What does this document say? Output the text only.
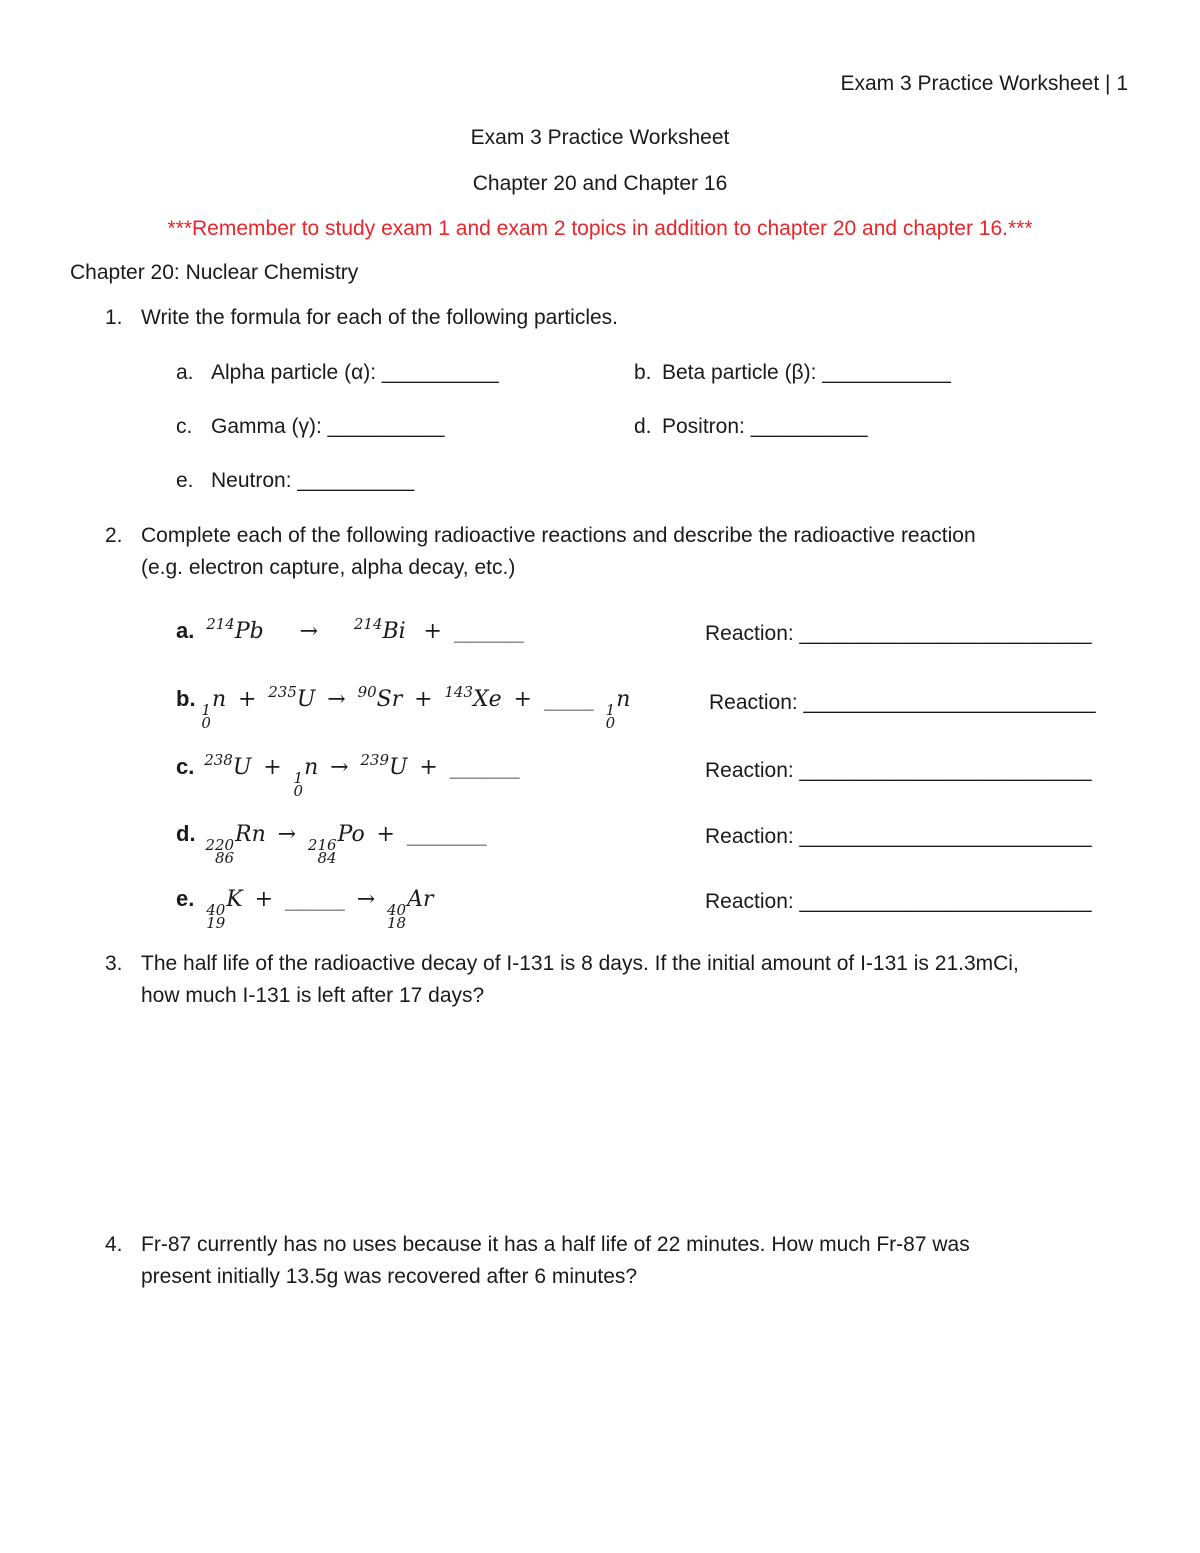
Exam 3 Practice Worksheet | 1
Exam 3 Practice Worksheet
Chapter 20 and Chapter 16
***Remember to study exam 1 and exam 2 topics in addition to chapter 20 and chapter 16.***
Chapter 20: Nuclear Chemistry
1. Write the formula for each of the following particles.
a. Alpha particle (α): __________	b. Beta particle (β): ___________
c. Gamma (γ): __________	d. Positron: __________
e. Neutron: __________
2. Complete each of the following radioactive reactions and describe the radioactive reaction
(e.g. electron capture, alpha decay, etc.)
a. $^{214}$Pb → $^{214}$Bi + _______	Reaction: _________________________
b. 1
0
n + $^{235}$U → $^{90}$Sr + $^{143}$Xe + _____ 1
0
n	Reaction: _________________________
c. $^{238}$U + 1
0
n → $^{239}$U + _______	Reaction: _________________________
d. 220
86
Rn → 216
84
Po + ________	Reaction: _________________________
e. 40
19
K + ______ → 40
18
Ar	Reaction: _________________________
3. The half life of the radioactive decay of I-131 is 8 days. If the initial amount of I-131 is 21.3mCi,
how much I-131 is left after 17 days?
4. Fr-87 currently has no uses because it has a half life of 22 minutes. How much Fr-87 was
present initially 13.5g was recovered after 6 minutes?
